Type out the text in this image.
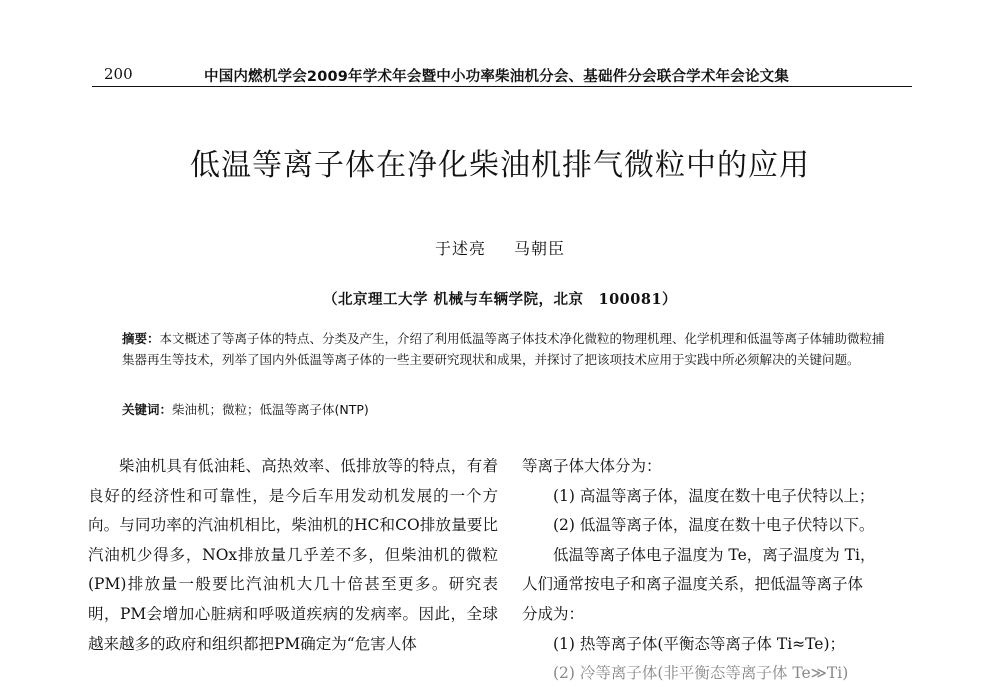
200	中国内燃机学会2009年学术年会暨中小功率柴油机分会、基础件分会联合学术年会论文集
低温等离子体在净化柴油机排气微粒中的应用
于述亮 马朝臣
（北京理工大学 机械与车辆学院，北京　100081）
摘要：本文概述了等离子体的特点、分类及产生，介绍了利用低温等离子体技术净化微粒的物理机理、化学机理和低温等离子体辅助微粒捕集器再生等技术，列举了国内外低温等离子体的一些主要研究现状和成果，并探讨了把该项技术应用于实践中所必须解决的关键问题。
关键词：柴油机；微粒；低温等离子体(NTP)

柴油机具有低油耗、高热效率、低排放等的特点，有着良好的经济性和可靠性，是今后车用发动机发展的一个方向。与同功率的汽油机相比，柴油机的HC和CO排放量要比汽油机少得多，NOx排放量几乎差不多，但柴油机的微粒(PM)排放量一般要比汽油机大几十倍甚至更多。研究表明，PM会增加心脏病和呼吸道疾病的发病率。因此，全球越来越多的政府和组织都把PM确定为“危害人体

等离子体大体分为：
(1) 高温等离子体，温度在数十电子伏特以上；
(2) 低温等离子体，温度在数十电子伏特以下。
低温等离子体电子温度为 Te，离子温度为 Ti，
人们通常按电子和离子温度关系，把低温等离子体
分成为：
(1) 热等离子体(平衡态等离子体 Ti≈Te)；
(2) 冷等离子体(非平衡态等离子体 Te≫Ti)
